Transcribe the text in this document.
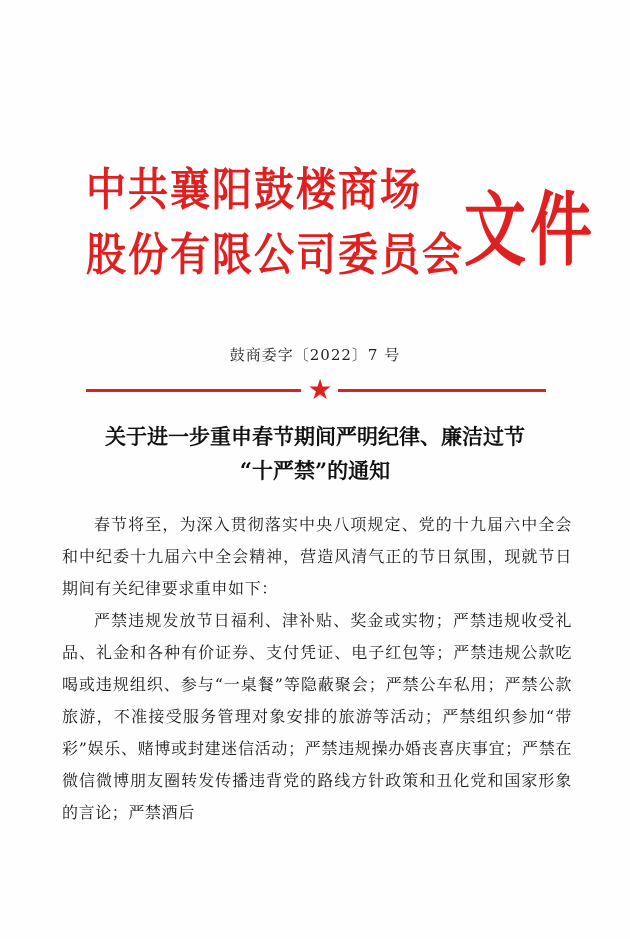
中共襄阳鼓楼商场
股份有限公司委员会 文件
鼓商委字〔2022〕7 号
★
关于进一步重申春节期间严明纪律、廉洁过节
“十严禁”的通知

春节将至，为深入贯彻落实中央八项规定、党的十九届六中全会和中纪委十九届六中全会精神，营造风清气正的节日氛围，现就节日期间有关纪律要求重申如下：

严禁违规发放节日福利、津补贴、奖金或实物；严禁违规收受礼品、礼金和各种有价证券、支付凭证、电子红包等；严禁违规公款吃喝或违规组织、参与“一桌餐”等隐蔽聚会；严禁公车私用；严禁公款旅游，不准接受服务管理对象安排的旅游等活动；严禁组织参加“带彩”娱乐、赌博或封建迷信活动；严禁违规操办婚丧喜庆事宜；严禁在微信微博朋友圈转发传播违背党的路线方针政策和丑化党和国家形象的言论；严禁酒后
